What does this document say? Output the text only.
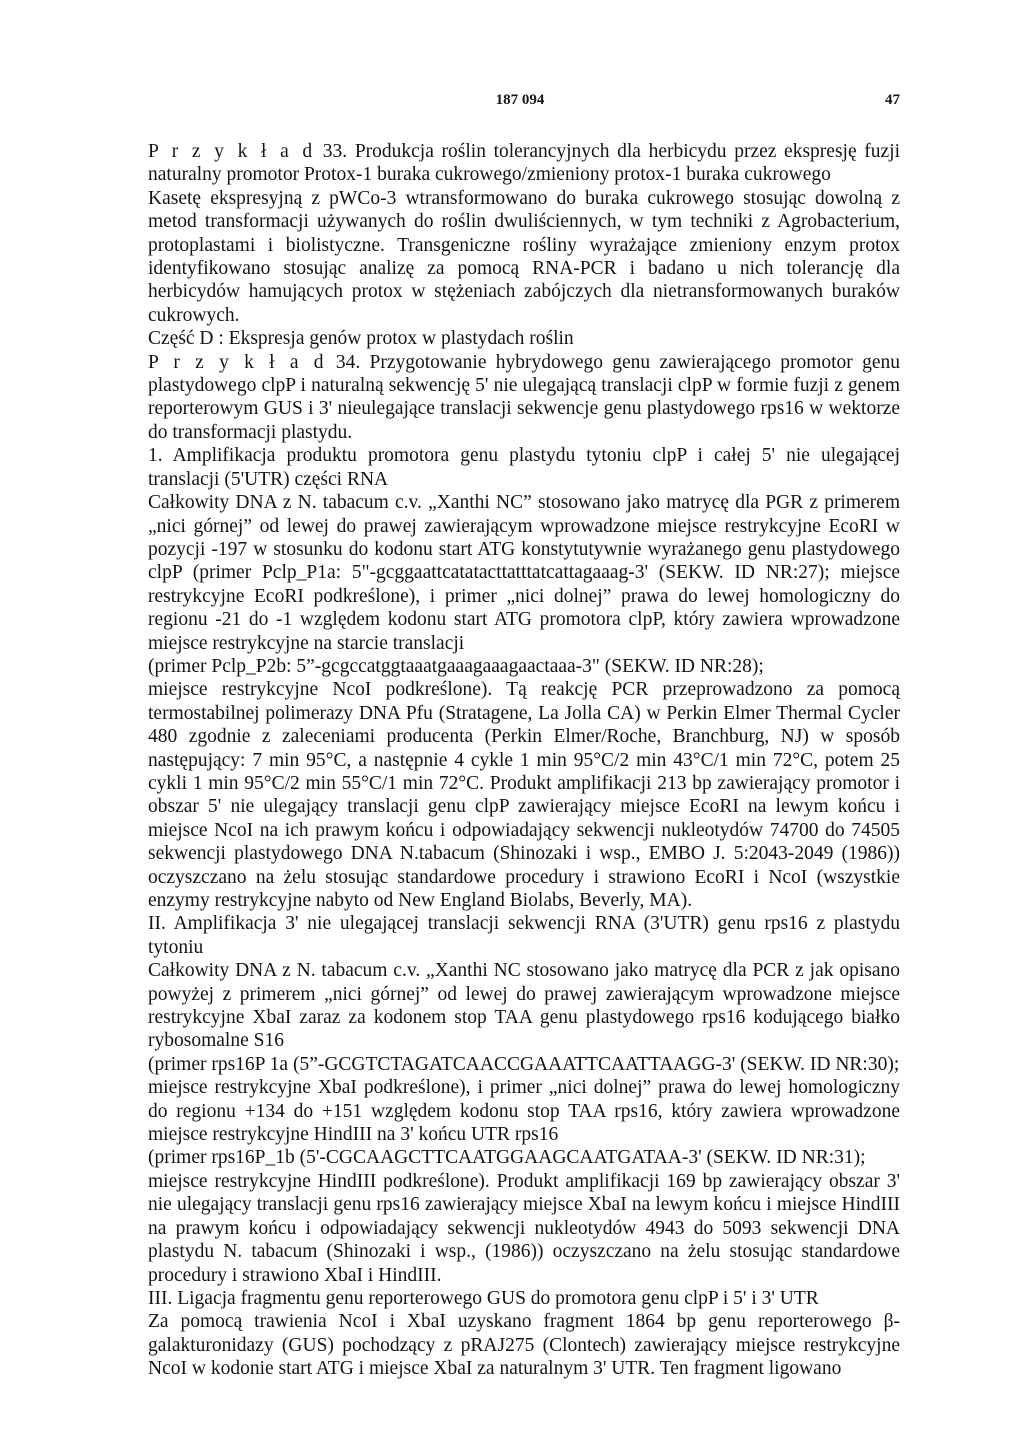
187 094	47

P r z y k ł a d 33. Produkcja roślin tolerancyjnych dla herbicydu przez ekspresję fuzji naturalny promotor Protox-1 buraka cukrowego/zmieniony protox-1 buraka cukrowego

Kasetę ekspresyjną z pWCo-3 wtransformowano do buraka cukrowego stosując dowolną z metod transformacji używanych do roślin dwuliściennych, w tym techniki z Agrobacterium, protoplastami i biolistyczne. Transgeniczne rośliny wyrażające zmieniony enzym protox identyfikowano stosując analizę za pomocą RNA-PCR i badano u nich tolerancję dla herbicydów hamujących protox w stężeniach zabójczych dla nietransformowanych buraków cukrowych.

Część D : Ekspresja genów protox w plastydach roślin

P r z y k ł a d 34. Przygotowanie hybrydowego genu zawierającego promotor genu plastydowego clpP i naturalną sekwencję 5' nie ulegającą translacji clpP w formie fuzji z genem reporterowym GUS i 3' nieulegające translacji sekwencje genu plastydowego rps16 w wektorze do transformacji plastydu.

1. Amplifikacja produktu promotora genu plastydu tytoniu clpP i całej 5' nie ulegającej translacji (5'UTR) części RNA

Całkowity DNA z N. tabacum c.v. „Xanthi NC” stosowano jako matrycę dla PGR z primerem „nici górnej” od lewej do prawej zawierającym wprowadzone miejsce restrykcyjne EcoRI w pozycji -197 w stosunku do kodonu start ATG konstytutywnie wyrażanego genu plastydowego clpP (primer Pclp_P1a: 5"-gcggaattcatatacttatttatcattagaaag-3' (SEKW. ID NR:27); miejsce restrykcyjne EcoRI podkreślone), i primer „nici dolnej” prawa do lewej homologiczny do regionu -21 do -1 względem kodonu start ATG promotora clpP, który zawiera wprowadzone miejsce restrykcyjne na starcie translacji

(primer Pclp_P2b: 5”-gcgccatggtaaatgaaagaaagaactaaa-3" (SEKW. ID NR:28);

miejsce restrykcyjne NcoI podkreślone). Tą reakcję PCR przeprowadzono za pomocą termostabilnej polimerazy DNA Pfu (Stratagene, La Jolla CA) w Perkin Elmer Thermal Cycler 480 zgodnie z zaleceniami producenta (Perkin Elmer/Roche, Branchburg, NJ) w sposób następujący: 7 min 95°C, a następnie 4 cykle 1 min 95°C/2 min 43°C/1 min 72°C, potem 25 cykli 1 min 95°C/2 min 55°C/1 min 72°C. Produkt amplifikacji 213 bp zawierający promotor i obszar 5' nie ulegający translacji genu clpP zawierający miejsce EcoRI na lewym końcu i miejsce NcoI na ich prawym końcu i odpowiadający sekwencji nukleotydów 74700 do 74505 sekwencji plastydowego DNA N.tabacum (Shinozaki i wsp., EMBO J. 5:2043-2049 (1986)) oczyszczano na żelu stosując standardowe procedury i strawiono EcoRI i NcoI (wszystkie enzymy restrykcyjne nabyto od New England Biolabs, Beverly, MA).

II. Amplifikacja 3' nie ulegającej translacji sekwencji RNA (3'UTR) genu rps16 z plastydu tytoniu

Całkowity DNA z N. tabacum c.v. „Xanthi NC stosowano jako matrycę dla PCR z jak opisano powyżej z primerem „nici górnej” od lewej do prawej zawierającym wprowadzone miejsce restrykcyjne XbaI zaraz za kodonem stop TAA genu plastydowego rps16 kodującego białko rybosomalne S16

(primer rps16P 1a (5”-GCGTCTAGATCAACCGAAATTCAATTAAGG-3' (SEKW. ID NR:30);

miejsce restrykcyjne XbaI podkreślone), i primer „nici dolnej” prawa do lewej homologiczny do regionu +134 do +151 względem kodonu stop TAA rps16, który zawiera wprowadzone miejsce restrykcyjne HindIII na 3' końcu UTR rps16

(primer rps16P_1b (5'-CGCAAGCTTCAATGGAAGCAATGATAA-3' (SEKW. ID NR:31);

miejsce restrykcyjne HindIII podkreślone). Produkt amplifikacji 169 bp zawierający obszar 3' nie ulegający translacji genu rps16 zawierający miejsce XbaI na lewym końcu i miejsce HindIII na prawym końcu i odpowiadający sekwencji nukleotydów 4943 do 5093 sekwencji DNA plastydu N. tabacum (Shinozaki i wsp., (1986)) oczyszczano na żelu stosując standardowe procedury i strawiono XbaI i HindIII.

III. Ligacja fragmentu genu reporterowego GUS do promotora genu clpP i 5' i 3' UTR

Za pomocą trawienia NcoI i XbaI uzyskano fragment 1864 bp genu reporterowego β-galakturonidazy (GUS) pochodzący z pRAJ275 (Clontech) zawierający miejsce restrykcyjne NcoI w kodonie start ATG i miejsce XbaI za naturalnym 3' UTR. Ten fragment ligowano
